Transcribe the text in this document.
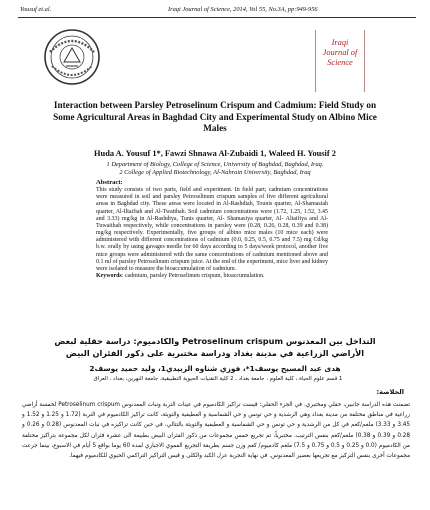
Yousuf et.al.	Iraqi Journal of Science, 2014, Vol 55, No.3A, pp:949-956
Iraqi
Journal of
Science
Interaction between Parsley Petroselinum Crispum and Cadmium: Field Study on Some Agricultural Areas in Baghdad City and Experimental Study on Albino Mice Males
Huda A. Yousuf 1*, Fawzi Shnawa Al-Zubaidi 1, Waleed H. Yousif 2
1 Department of Biology, College of Science, University of Baghdad, Baghdad, Iraq.
2 College of Applied Biotechnology, Al-Nahrain University, Baghdad, Iraq
Abstract:

This study consists of two parts, field and experiment. In field part; cadmium concentrations were measured in soil and parsley Petroselinum crispum samples of five different agricultural areas in Baghdad city. These areas were located in Al-Rashdiah, Tounis quarter, Al-Shamasiah quarter, Al-Iltaifiah and Al-Twaithah. Soil cadmium concentrations were (1.72, 1.25, 1.52, 3.45 and 3.33) mg/kg in Al-Rashdiya, Tunis quarter, Al- Shamasiya quarter, Al- Altaifiya and Al-Tuwaithah respectively, while concentrations in parsley were (0.28, 0.26, 0.28, 0.39 and 0.38) mg/kg respectively. Experimentally, five groups of albino mice males (10 mice each) were administered with different concentrations of cadmium (0.0, 0.25, 0.5, 0.75 and 7.5) mg Cd/kg b.w. orally by using gavages needle for 60 days according to 5 days/week protocol, another five mice groups were administered with the same concentrations of cadmium mentioned above and 0.1 ml of parsley Petroselinum crispum juice. At the end of the experiment, mice liver and kidney were isolated to measure the bioaccumulation of cadmium.

Keywords: cadmium, parsley Petroselinum crispum, bioaccumulation.

التداخل بين المعدنوس Petroselinum crispum والكادميوم: دراسة حقلية لبعض الأراضي الزراعية في مدينة بغداد ودراسة مختبرية على ذكور الفئران البيض
هدى عبد المسيح يوسف1*، فوزي شناوه الزبيدي1، وليد حميد يوسف2
1 قسم علوم الحياة ، كلية العلوم ، جامعة بغداد ، 2 كلية التقنيات الحيوية التطبيقية، جامعة النهرين، بغداد ، العراق
الخلاصة:
تضمنت هذه الدراسة جانبين، حقلي ومختبري. في الجزء الحقلي؛ قيست تراكيز الكادميوم في عينات التربة ونبات المعدنوس Petroselinum crispum لخمسة أراضي زراعية في مناطق مختلفة من مدينة بغداد وهي الرشدية و حي تونس و حي الشماسية و العطيفية والتويثة، كانت تراكيز الكادميوم في التربة (1.72 و 1.25 و 1.52 و 3.45 و 3.33) ملغم/كغم في كل من الرشدية و حي تونس و حي الشماسية و العطيفية والتويثة بالتتالي، في حين كانت تراكيزه في نبات المعدنوس (0.28 و 0.26 و 0.28 و 0.39 و 0.38) ملغم/كغم بنفس الترتيب. مختبرياً، تم تجريع خمس مجموعات من ذكور الفئران البيض بطبيعة الى عشرة فئران لكل مجموعة بتراكيز مختلفة من الكادميوم (0.0 و 0.25 و 0.5 و 0.75 و 7.5) ملغم كادميوم/ كغم وزن جسم بطريقة التجريع الفموي الاجباري لمدة 60 يوما بواقع 5 أيام في الاسبوع، بينما جرعت مجموعات أخرى بنفس التركيز مع تجريعها بعصير المعدنوس. في نهاية التجربة عزل الكبد والكلى و قيس التراكيز التراكمي الحيوي للكادميوم فيهما.
